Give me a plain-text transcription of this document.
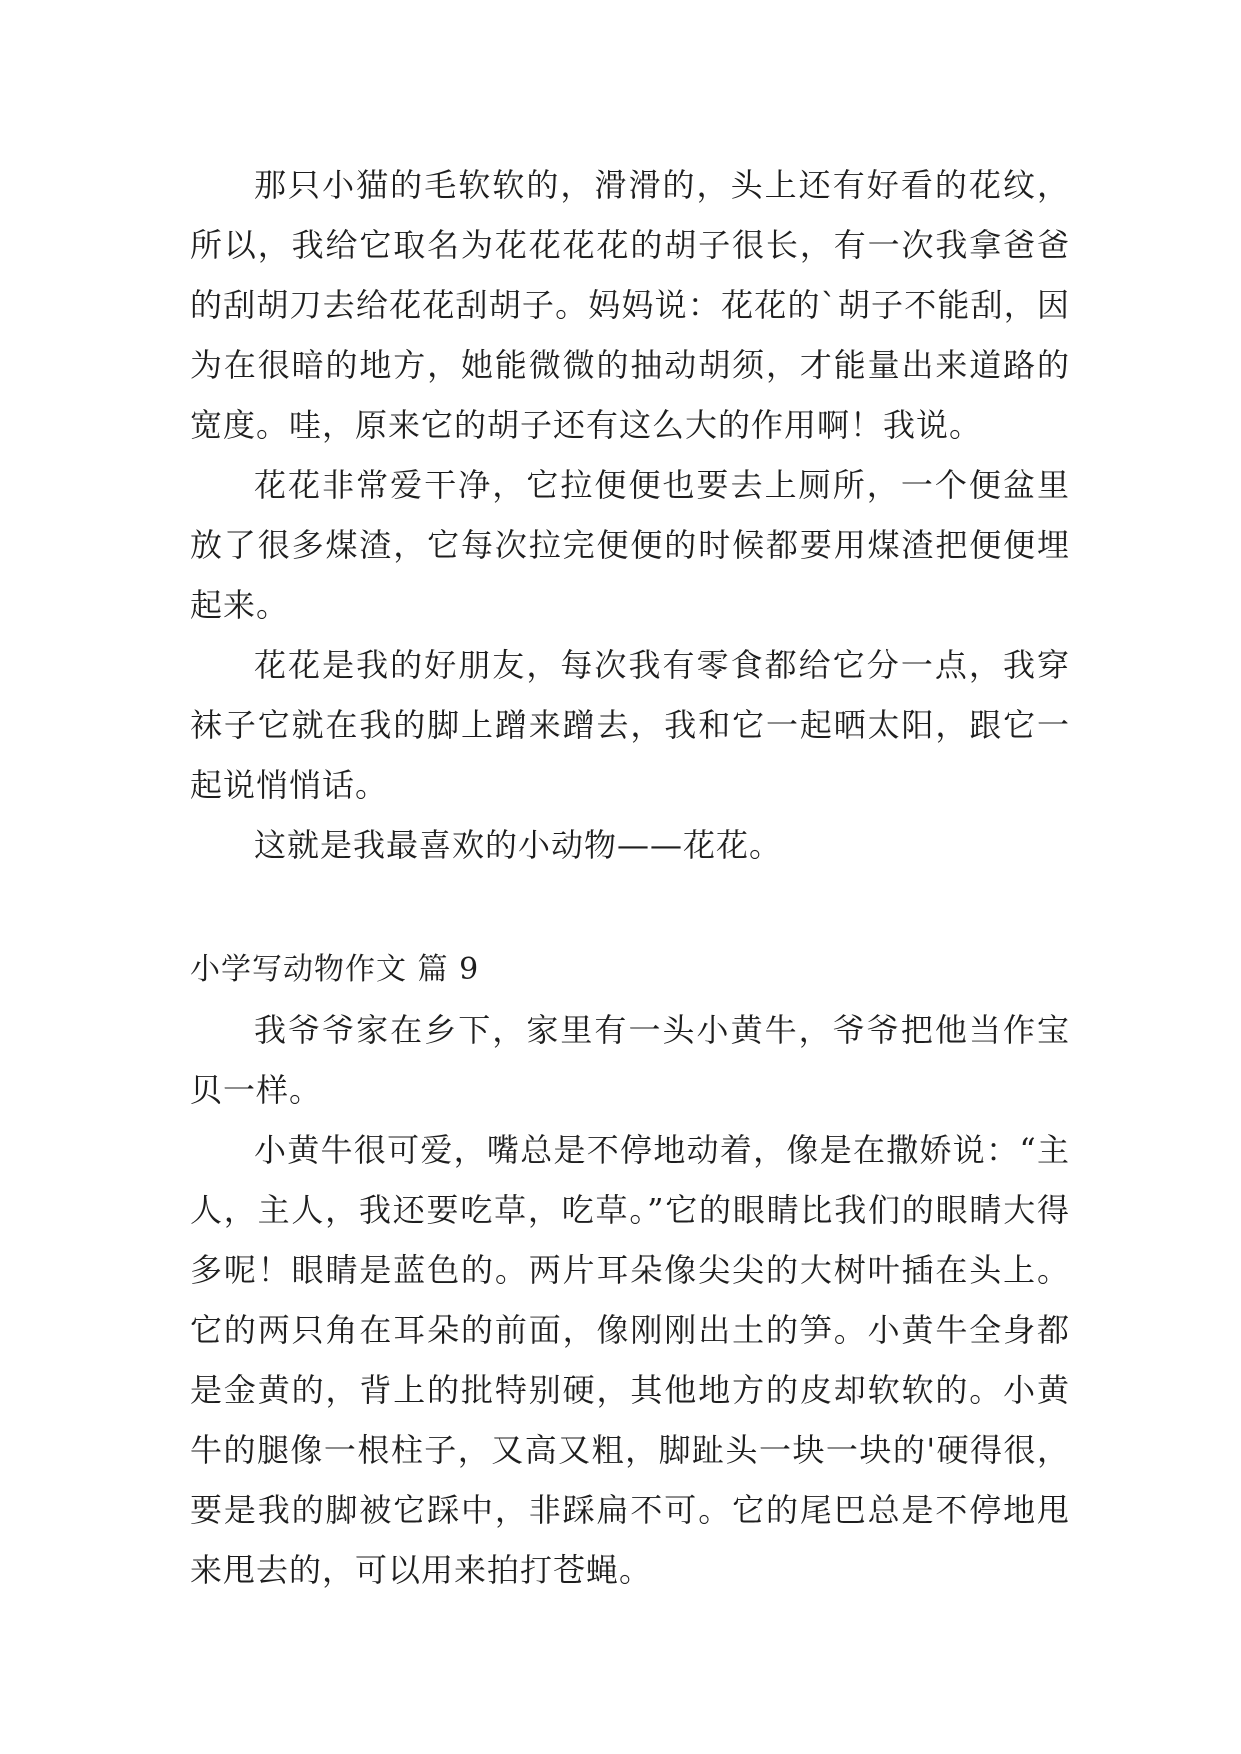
那只小猫的毛软软的，滑滑的，头上还有好看的花纹，所以，我给它取名为花花花花的胡子很长，有一次我拿爸爸的刮胡刀去给花花刮胡子。妈妈说：花花的`胡子不能刮，因为在很暗的地方，她能微微的抽动胡须，才能量出来道路的宽度。哇，原来它的胡子还有这么大的作用啊！我说。

花花非常爱干净，它拉便便也要去上厕所，一个便盆里放了很多煤渣，它每次拉完便便的时候都要用煤渣把便便埋起来。

花花是我的好朋友，每次我有零食都给它分一点，我穿袜子它就在我的脚上蹭来蹭去，我和它一起晒太阳，跟它一起说悄悄话。

这就是我最喜欢的小动物——花花。

小学写动物作文 篇 9

我爷爷家在乡下，家里有一头小黄牛，爷爷把他当作宝贝一样。

小黄牛很可爱，嘴总是不停地动着，像是在撒娇说：“主人，主人，我还要吃草，吃草。”它的眼睛比我们的眼睛大得多呢！眼睛是蓝色的。两片耳朵像尖尖的大树叶插在头上。它的两只角在耳朵的前面，像刚刚出土的笋。小黄牛全身都是金黄的，背上的批特别硬，其他地方的皮却软软的。小黄牛的腿像一根柱子，又高又粗，脚趾头一块一块的'硬得很，要是我的脚被它踩中，非踩扁不可。它的尾巴总是不停地甩来甩去的，可以用来拍打苍蝇。
